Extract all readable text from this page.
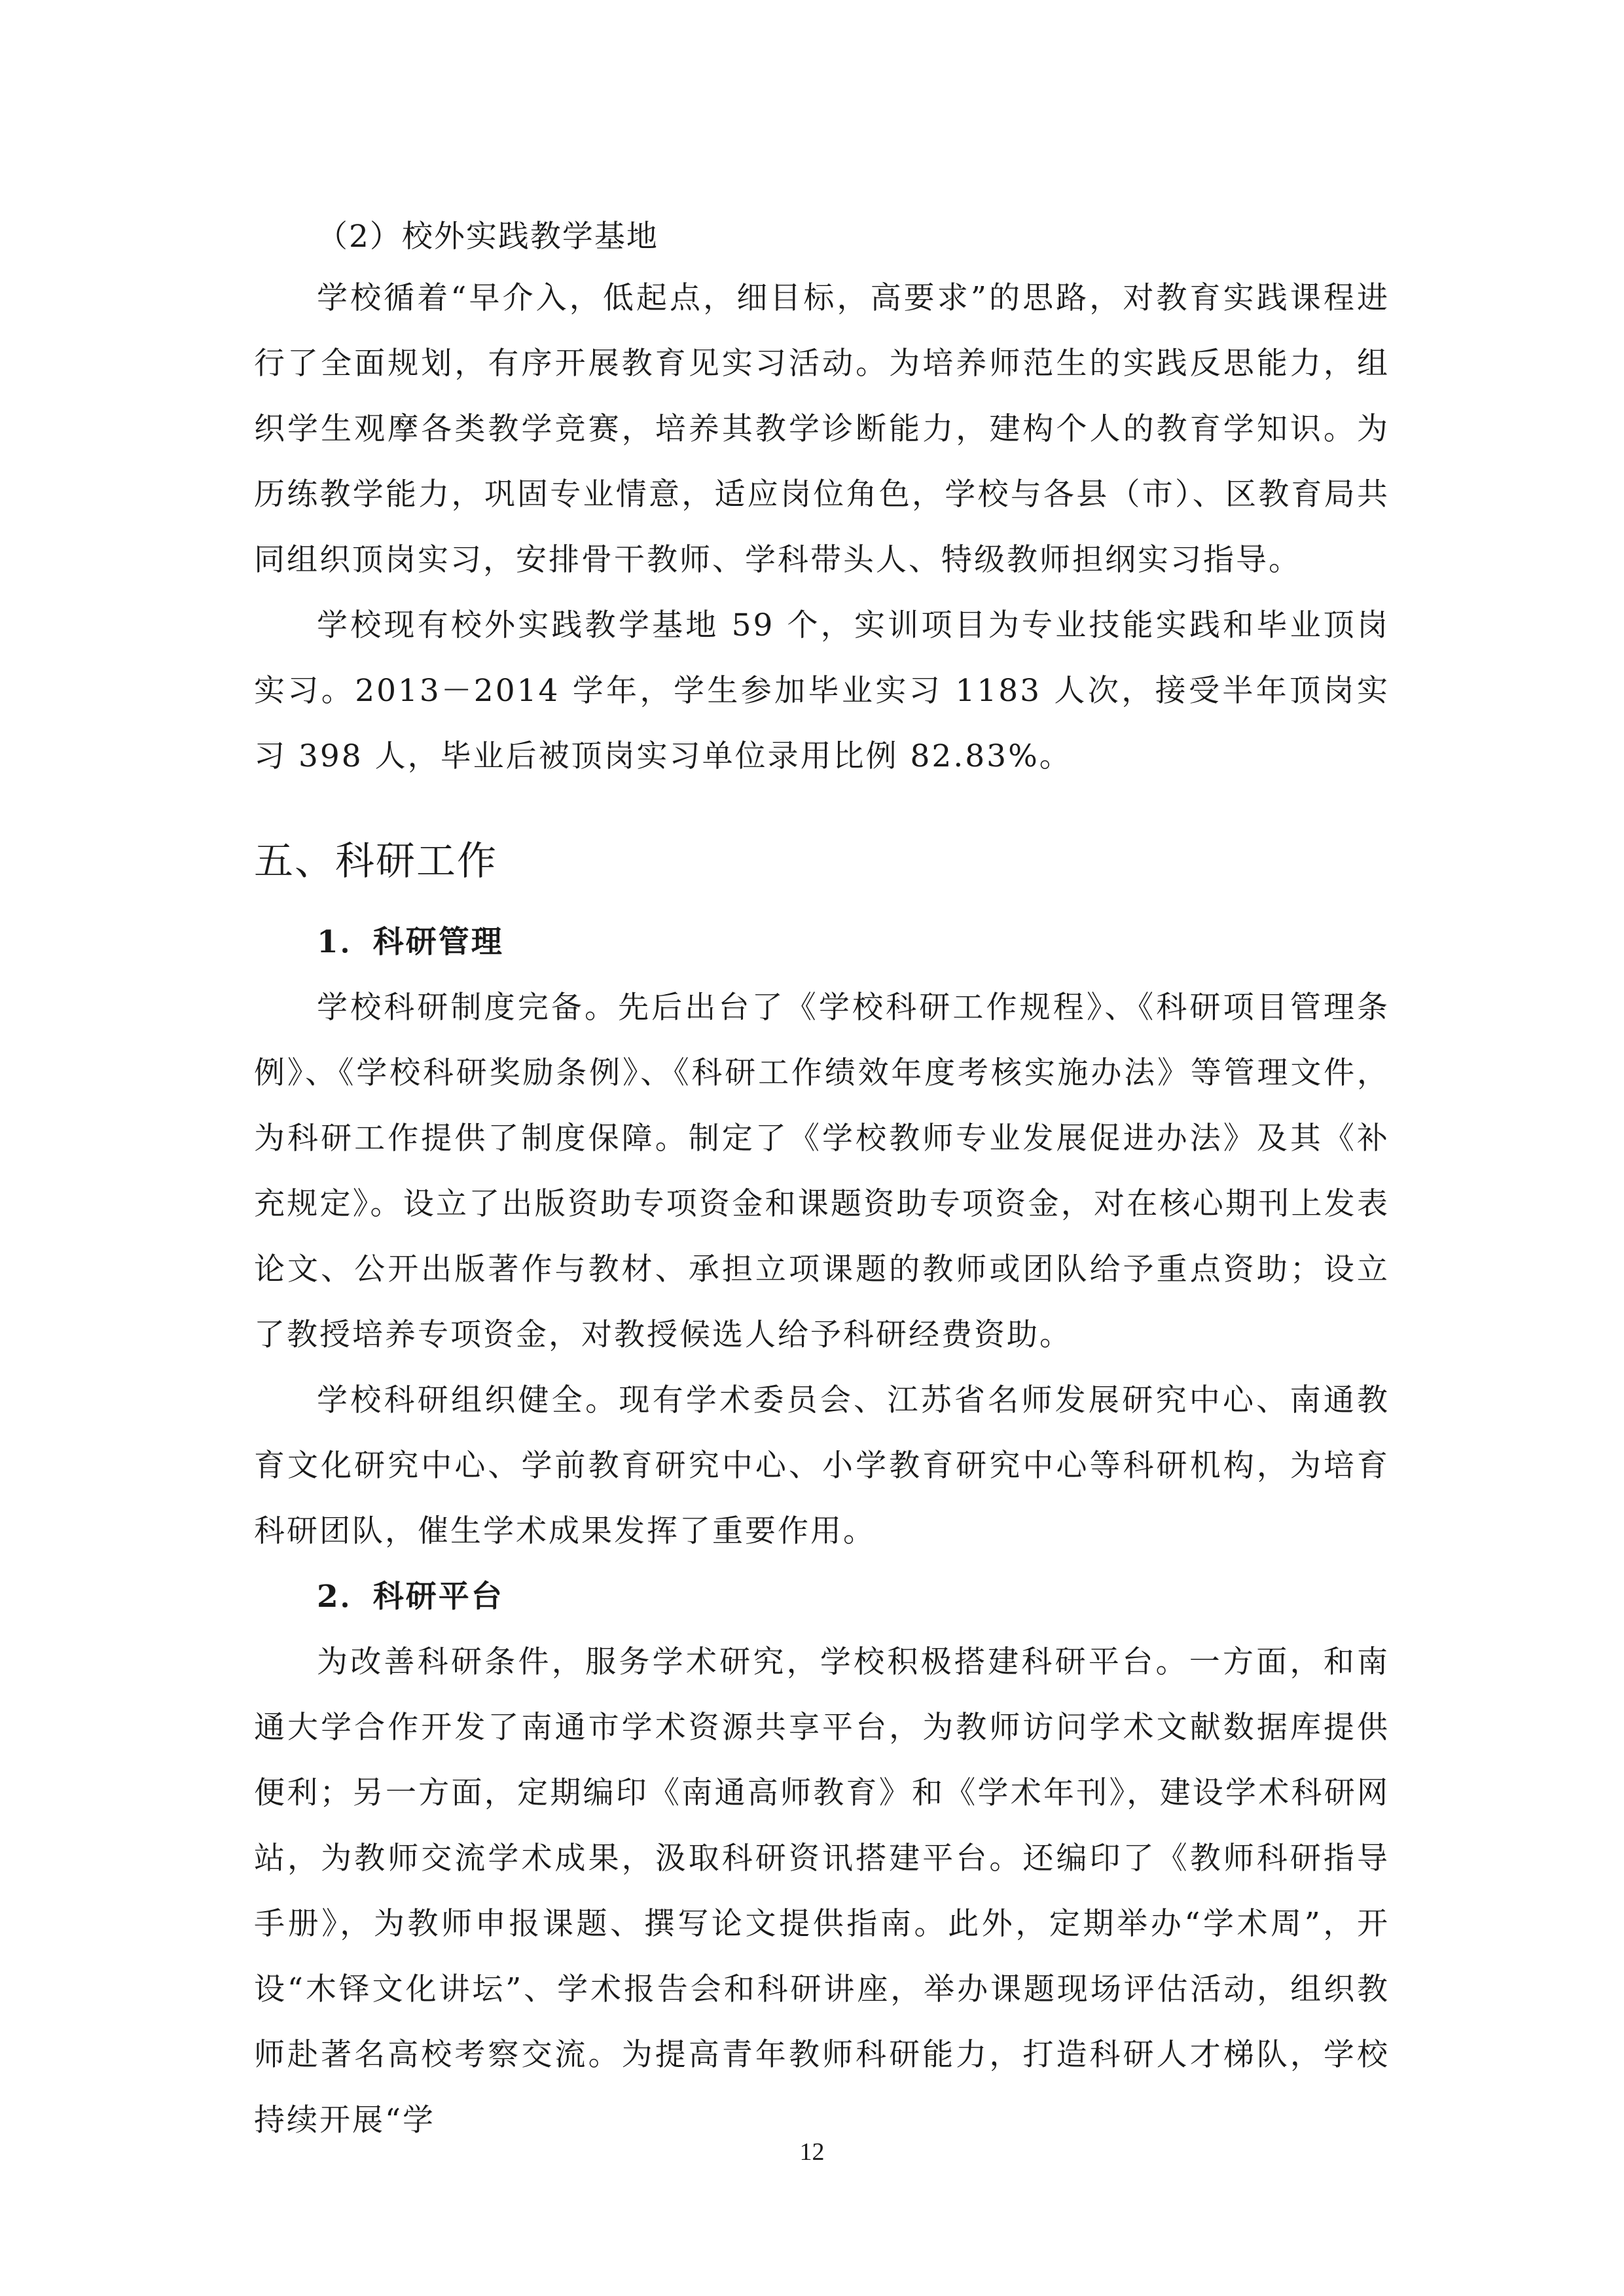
（2）校外实践教学基地

学校循着“早介入，低起点，细目标，高要求”的思路，对教育实践课程进行了全面规划，有序开展教育见实习活动。为培养师范生的实践反思能力，组织学生观摩各类教学竞赛，培养其教学诊断能力，建构个人的教育学知识。为历练教学能力，巩固专业情意，适应岗位角色，学校与各县（市）、区教育局共同组织顶岗实习，安排骨干教师、学科带头人、特级教师担纲实习指导。

学校现有校外实践教学基地 59 个，实训项目为专业技能实践和毕业顶岗实习。2013－2014 学年，学生参加毕业实习 1183 人次，接受半年顶岗实习 398 人，毕业后被顶岗实习单位录用比例 82.83%。

五、科研工作

1．科研管理

学校科研制度完备。先后出台了《学校科研工作规程》、《科研项目管理条例》、《学校科研奖励条例》、《科研工作绩效年度考核实施办法》等管理文件，为科研工作提供了制度保障。制定了《学校教师专业发展促进办法》及其《补充规定》。设立了出版资助专项资金和课题资助专项资金，对在核心期刊上发表论文、公开出版著作与教材、承担立项课题的教师或团队给予重点资助；设立了教授培养专项资金，对教授候选人给予科研经费资助。

学校科研组织健全。现有学术委员会、江苏省名师发展研究中心、南通教育文化研究中心、学前教育研究中心、小学教育研究中心等科研机构，为培育科研团队，催生学术成果发挥了重要作用。

2．科研平台

为改善科研条件，服务学术研究，学校积极搭建科研平台。一方面，和南通大学合作开发了南通市学术资源共享平台，为教师访问学术文献数据库提供便利；另一方面，定期编印《南通高师教育》和《学术年刊》，建设学术科研网站，为教师交流学术成果，汲取科研资讯搭建平台。还编印了《教师科研指导手册》，为教师申报课题、撰写论文提供指南。此外，定期举办“学术周”，开设“木铎文化讲坛”、学术报告会和科研讲座，举办课题现场评估活动，组织教师赴著名高校考察交流。为提高青年教师科研能力，打造科研人才梯队，学校持续开展“学

12
